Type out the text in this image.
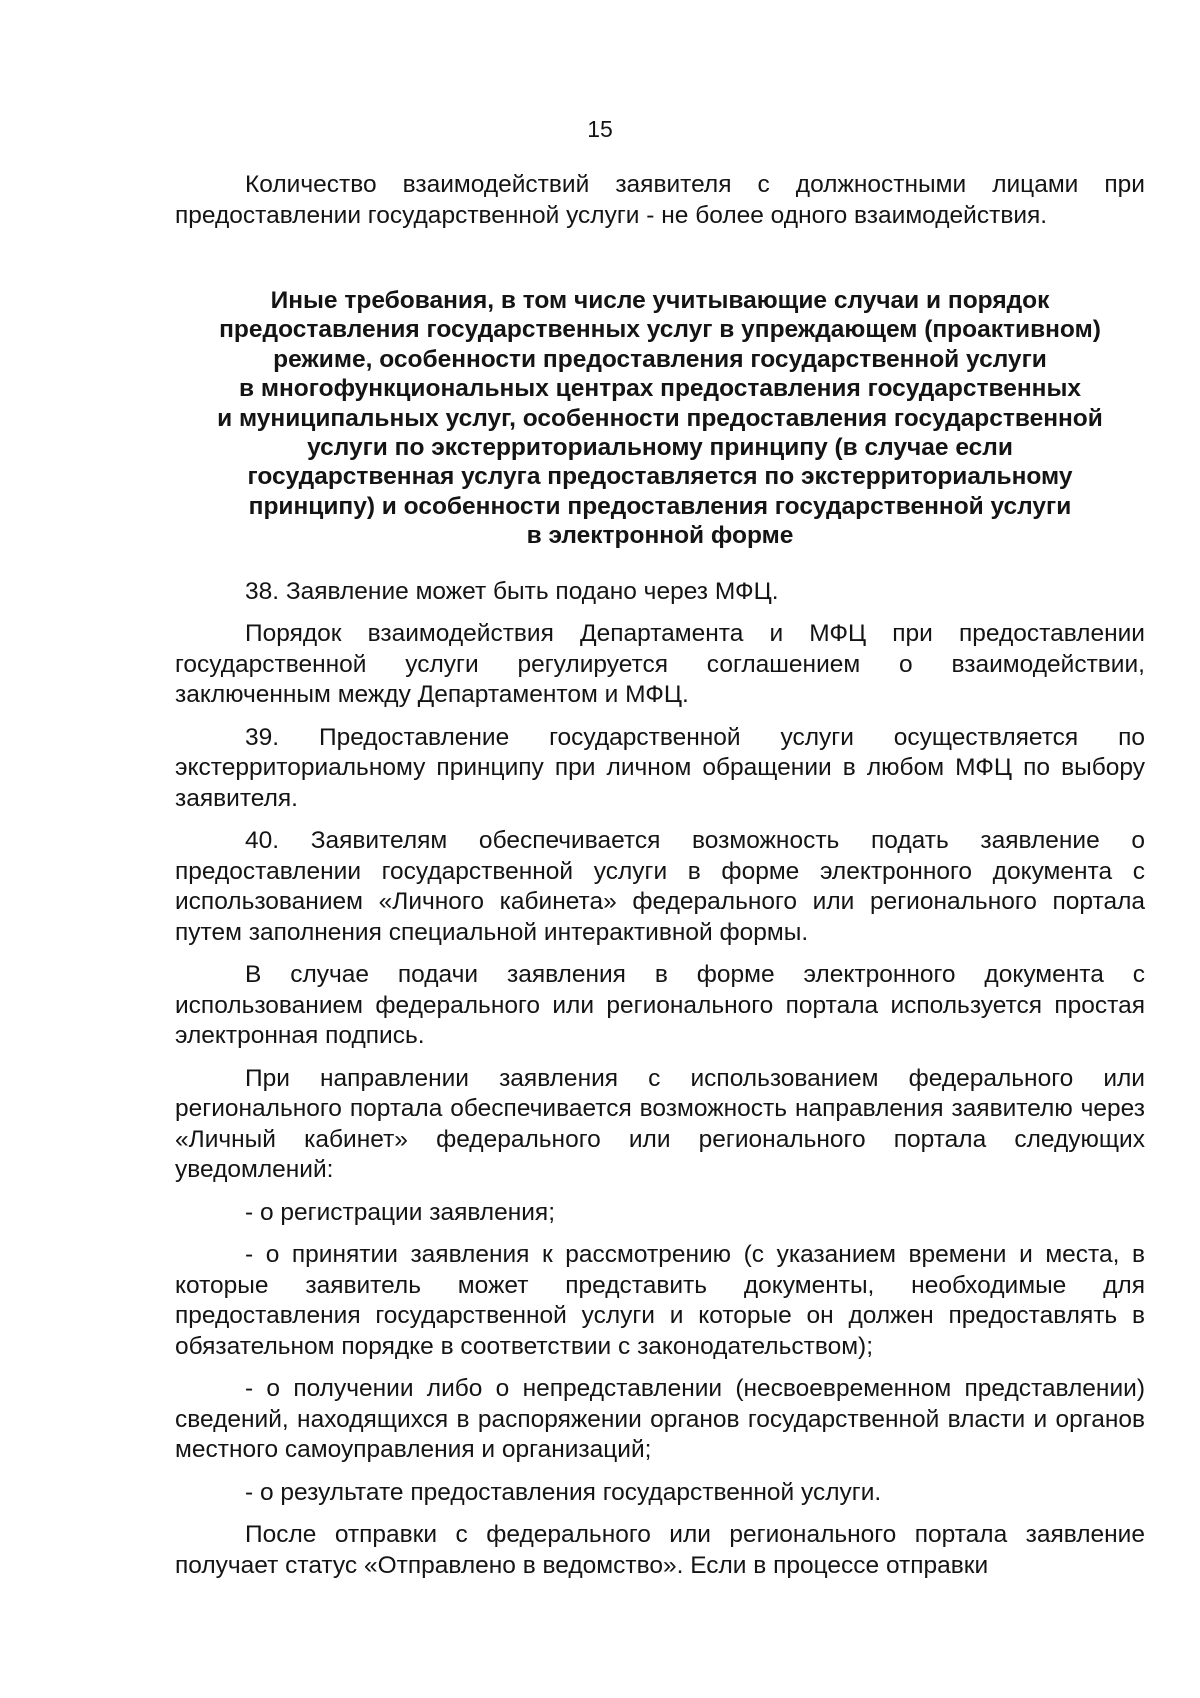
15

Количество взаимодействий заявителя с должностными лицами при предоставлении государственной услуги - не более одного взаимодействия.

Иные требования, в том числе учитывающие случаи и порядок
предоставления государственных услуг в упреждающем (проактивном)
режиме, особенности предоставления государственной услуги
в многофункциональных центрах предоставления государственных
и муниципальных услуг, особенности предоставления государственной
услуги по экстерриториальному принципу (в случае если
государственная услуга предоставляется по экстерриториальному
принципу) и особенности предоставления государственной услуги
в электронной форме

38. Заявление может быть подано через МФЦ.

Порядок взаимодействия Департамента и МФЦ при предоставлении государственной услуги регулируется соглашением о взаимодействии, заключенным между Департаментом и МФЦ.

39. Предоставление государственной услуги осуществляется по экстерриториальному принципу при личном обращении в любом МФЦ по выбору заявителя.

40. Заявителям обеспечивается возможность подать заявление о предоставлении государственной услуги в форме электронного документа с использованием «Личного кабинета» федерального или регионального портала путем заполнения специальной интерактивной формы.

В случае подачи заявления в форме электронного документа с использованием федерального или регионального портала используется простая электронная подпись.

При направлении заявления с использованием федерального или регионального портала обеспечивается возможность направления заявителю через «Личный кабинет» федерального или регионального портала следующих уведомлений:

- о регистрации заявления;

- о принятии заявления к рассмотрению (с указанием времени и места, в которые заявитель может представить документы, необходимые для предоставления государственной услуги и которые он должен предоставлять в обязательном порядке в соответствии с законодательством);

- о получении либо о непредставлении (несвоевременном представлении) сведений, находящихся в распоряжении органов государственной власти и органов местного самоуправления и организаций;

- о результате предоставления государственной услуги.

После отправки с федерального или регионального портала заявление получает статус «Отправлено в ведомство». Если в процессе отправки
